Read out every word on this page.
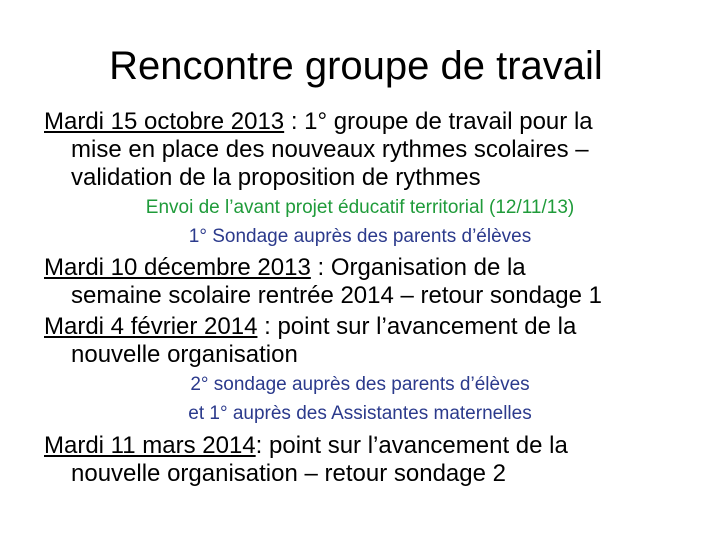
Rencontre groupe de travail
Mardi 15 octobre 2013 : 1° groupe de travail pour la
mise en place des nouveaux rythmes scolaires –
validation de la proposition de rythmes
Envoi de l’avant projet éducatif territorial (12/11/13)
1° Sondage auprès des parents d’élèves
Mardi 10 décembre 2013 : Organisation de la
semaine scolaire rentrée 2014 – retour sondage 1
Mardi 4 février 2014 : point sur l’avancement de la
nouvelle organisation
2° sondage auprès des parents d’élèves
et 1° auprès des Assistantes maternelles
Mardi 11 mars 2014: point sur l’avancement de la
nouvelle organisation – retour sondage 2
